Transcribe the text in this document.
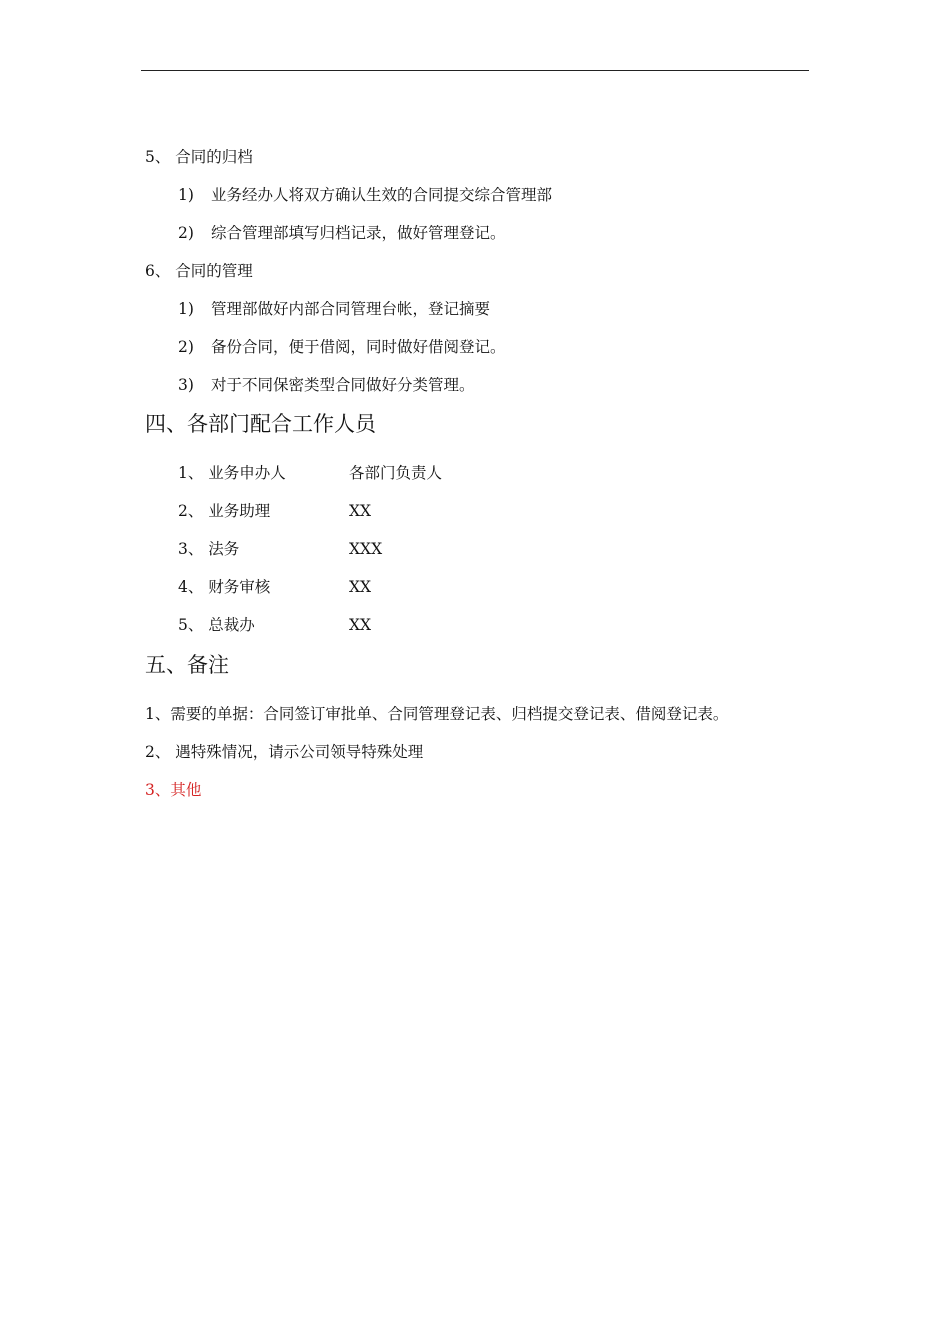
5、 合同的归档
1) 业务经办人将双方确认生效的合同提交综合管理部
2) 综合管理部填写归档记录，做好管理登记。
6、 合同的管理
1) 管理部做好内部合同管理台帐，登记摘要
2) 备份合同，便于借阅，同时做好借阅登记。
3) 对于不同保密类型合同做好分类管理。
四、各部门配合工作人员
1、 业务申办人	各部门负责人
2、 业务助理	XX
3、 法务	XXX
4、 财务审核	XX
5、 总裁办	XX
五、备注
1、需要的单据：合同签订审批单、合同管理登记表、归档提交登记表、借阅登记表。
2、 遇特殊情况，请示公司领导特殊处理
3、其他
